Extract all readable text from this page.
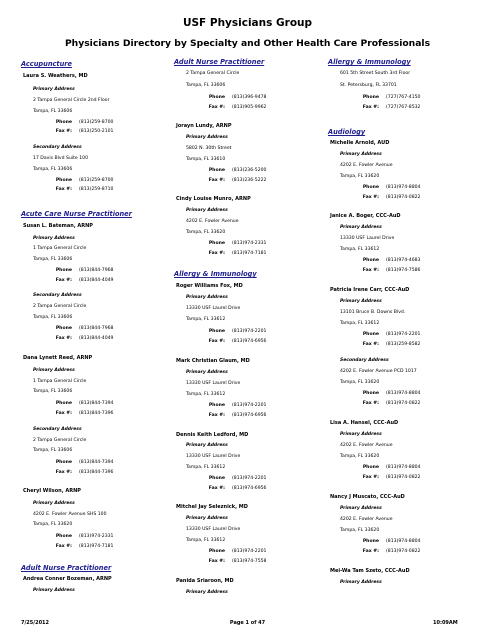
USF Physicians Group
Physicians Directory by Specialty and Other Health Care Professionals
Accupuncture
Laura S. Weathers, MD
Primary Address
2 Tampa General Circle 2nd Floor
Tampa, FL 33606
Phone (813)259-8700
Fax #: (813)250-2101
Secondary Address
17 Davis Blvd Suite 100
Tampa, FL 33606
Phone (813)259-8700
Fax #: (813)259-8710
Acute Care Nurse Practitioner
Susan L. Bateman, ARNP
Primary Address
1 Tampa General Circle
Tampa, FL 33606
Phone (813)844-7968
Fax #: (813)844-4049
Secondary Address
2 Tampa General Circle
Tampa, FL 33606
Phone (813)844-7968
Fax #: (813)844-4049
Dana Lynett Reed, ARNP
Primary Address
1 Tampa General Circle
Tampa, FL 33606
Phone (813)844-7394
Fax #: (813)844-7396
Secondary Address
2 Tampa General Circle
Tampa, FL 33606
Phone (813)844-7394
Fax #: (813)844-7396
Cheryl Wilson, ARNP
Primary Address
4202 E. Fowler Avenue SHS 100
Tampa, FL 33620
Phone (813)974-2331
Fax #: (813)974-7181
Adult Nurse Practitioner
Andrea Conner Bozeman, ARNP
Primary Address
Adult Nurse Practitioner
2 Tampa General Circle
Tampa, FL 33606
Phone (813)396-9478
Fax #: (813)905-9962
Jorayn Lundy, ARNP
Primary Address
5802 N. 30th Street
Tampa, FL 33610
Phone (813)236-5200
Fax #: (813)236-5222
Cindy Louise Munro, ARNP
Primary Address
4202 E. Fowler Avenue
Tampa, FL 33620
Phone (813)974-2331
Fax #: (813)974-7181
Allergy & Immunology
Roger Williams Fox, MD
Primary Address
13330 USF Laurel Drive
Tampa, FL 33612
Phone (813)974-2201
Fax #: (813)974-6956
Mark Christian Glaum, MD
Primary Address
13330 USF Laurel Drive
Tampa, FL 33612
Phone (813)974-2201
Fax #: (813)974-6956
Dennis Keith Ledford, MD
Primary Address
13330 USF Laurel Drive
Tampa, FL 33612
Phone (813)974-2201
Fax #: (813)974-6956
Mitchel Jay Seleznick, MD
Primary Address
13330 USF Laurel Drive
Tampa, FL 33612
Phone (813)974-2201
Fax #: (813)974-7558
Panida Sriaroon, MD
Primary Address
Allergy & Immunology
601 5th Street South 3rd Floor
St. Petersburg, FL 33701
Phone (727)767-4150
Fax #: (727)767-8532
Audiology
Michelle Arnold, AUD
Primary Address
4202 E. Fowler Avenue
Tampa, FL 33620
Phone (813)974-8804
Fax #: (813)974-0822
Janice A. Boger, CCC-AuD
Primary Address
13330 USF Laurel Drive
Tampa, FL 33612
Phone (813)974-4683
Fax #: (813)974-7586
Patricia Irene Carr, CCC-AuD
Primary Address
13101 Bruce B. Downs Blvd.
Tampa, FL 33612
Phone (813)974-2201
Fax #: (813)259-8582
Secondary Address
4202 E. Fowler Avenue PCD 1017
Tampa, FL 33620
Phone (813)974-8804
Fax #: (813)974-0822
Lisa A. Hansel, CCC-AuD
Primary Address
4202 E. Fowler Avenue
Tampa, FL 33620
Phone (813)974-8804
Fax #: (813)974-0822
Nancy J Muscato, CCC-AuD
Primary Address
4202 E. Fowler Avenue
Tampa, FL 33620
Phone (813)974-8804
Fax #: (813)974-0822
Mei-Wa Tam Szeto, CCC-AuD
Primary Address
7/25/2012	Page 1 of 47	10:09AM
